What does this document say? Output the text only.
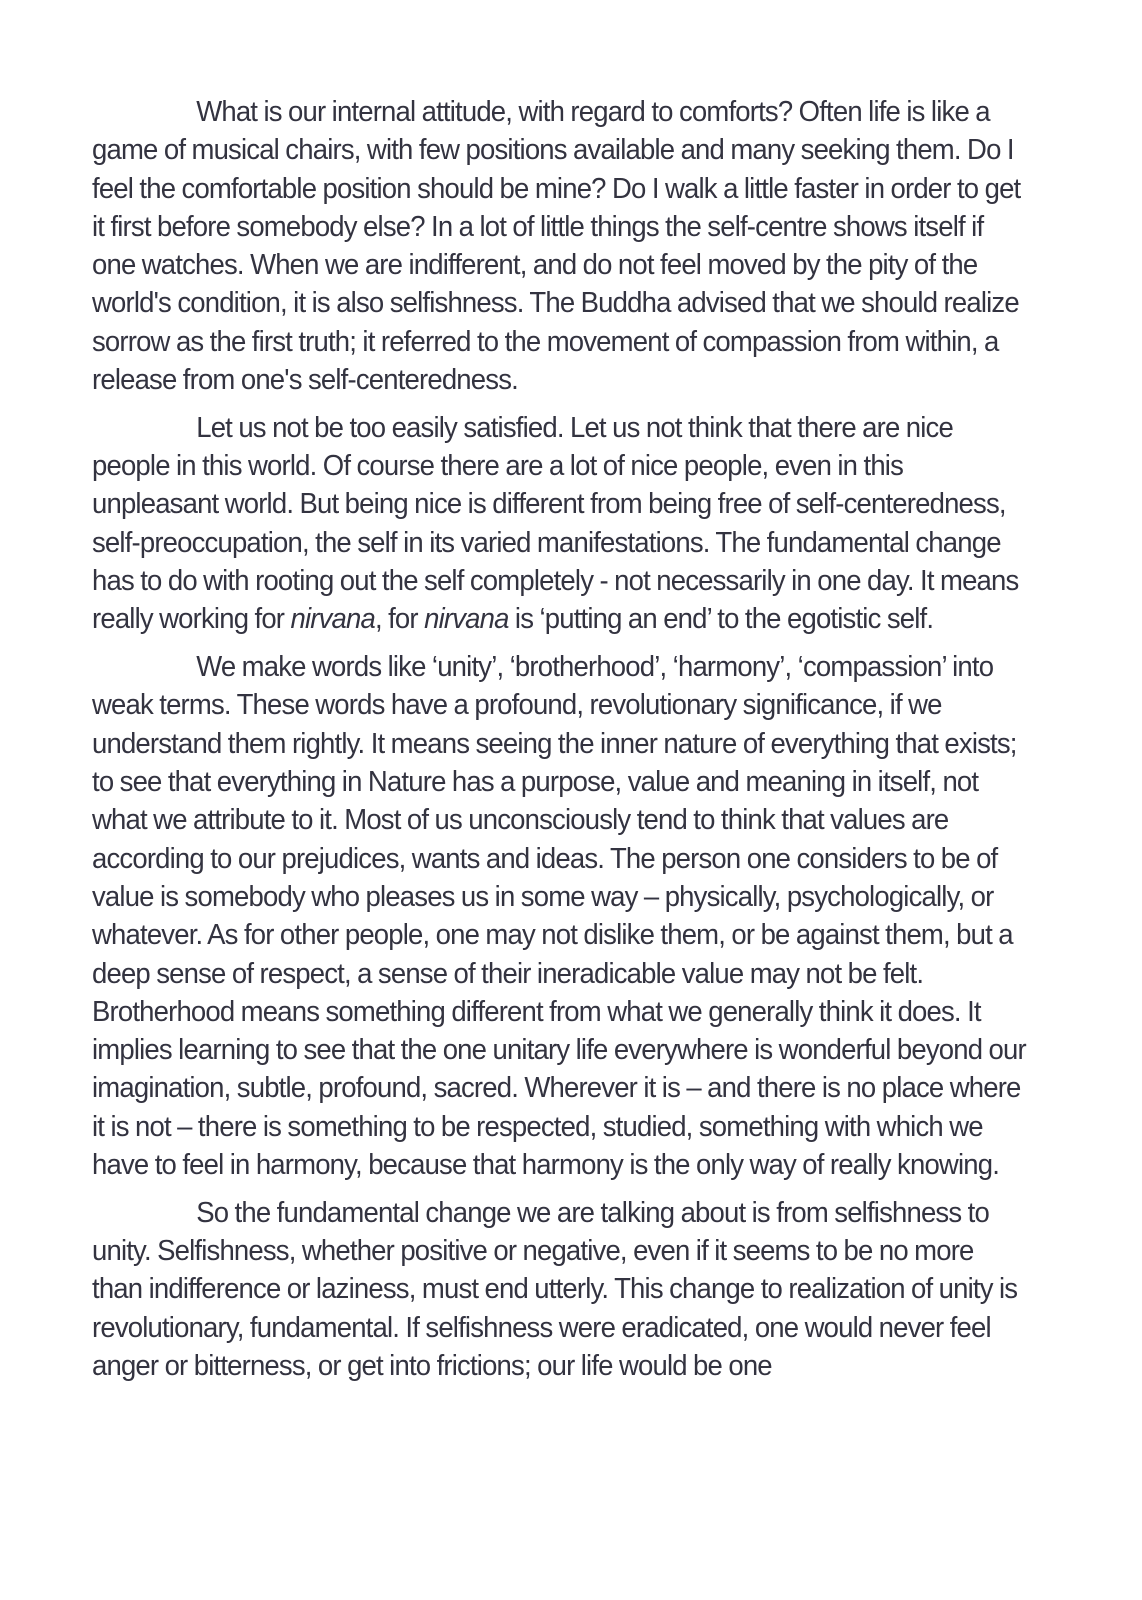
What is our internal attitude, with regard to comforts? Often life is like a game of musical chairs, with few positions available and many seeking them. Do I feel the comfortable position should be mine? Do I walk a little faster in order to get it first before somebody else? In a lot of little things the self-centre shows itself if one watches. When we are indifferent, and do not feel moved by the pity of the world's condition, it is also selfishness. The Buddha advised that we should realize sorrow as the first truth; it referred to the movement of compassion from within, a release from one's self-centeredness.

Let us not be too easily satisfied. Let us not think that there are nice people in this world. Of course there are a lot of nice people, even in this unpleasant world. But being nice is different from being free of self-centeredness, self-preoccupation, the self in its varied manifestations. The fundamental change has to do with rooting out the self completely - not necessarily in one day. It means really working for nirvana, for nirvana is ‘putting an end’ to the egotistic self.

We make words like ‘unity’, ‘brotherhood’, ‘harmony’, ‘compassion’ into weak terms. These words have a profound, revolutionary significance, if we understand them rightly. It means seeing the inner nature of everything that exists; to see that everything in Nature has a purpose, value and meaning in itself, not what we attribute to it. Most of us unconsciously tend to think that values are according to our prejudices, wants and ideas. The person one considers to be of value is somebody who pleases us in some way – physically, psychologically, or whatever. As for other people, one may not dislike them, or be against them, but a deep sense of respect, a sense of their ineradicable value may not be felt. Brotherhood means something different from what we generally think it does. It implies learning to see that the one unitary life everywhere is wonderful beyond our imagination, subtle, profound, sacred. Wherever it is – and there is no place where it is not – there is something to be respected, studied, something with which we have to feel in harmony, because that harmony is the only way of really knowing.

So the fundamental change we are talking about is from selfishness to unity. Selfishness, whether positive or negative, even if it seems to be no more than indifference or laziness, must end utterly. This change to realization of unity is revolutionary, fundamental. If selfishness were eradicated, one would never feel anger or bitterness, or get into frictions; our life would be one
